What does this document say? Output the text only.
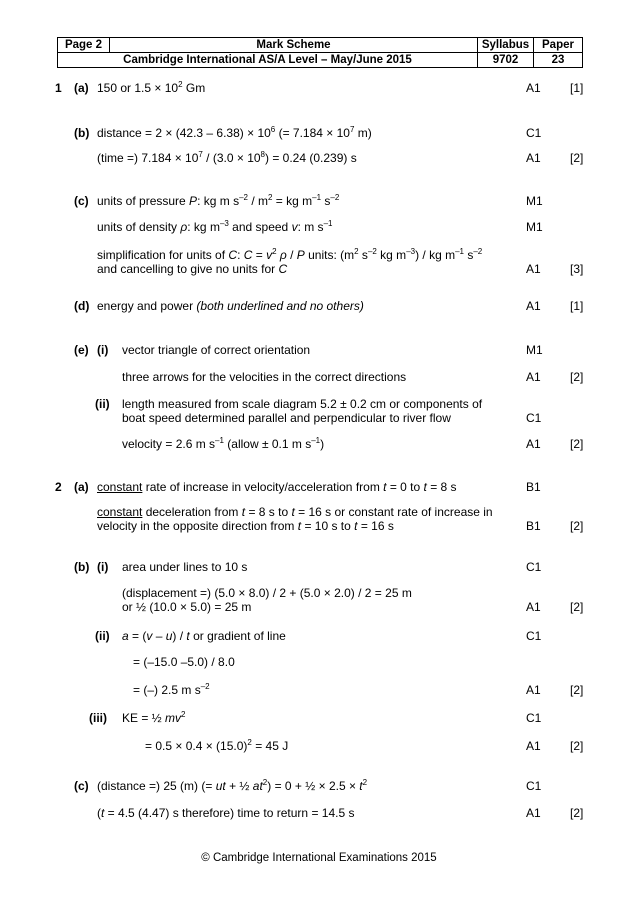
Page 2	Mark Scheme	Syllabus	Paper
Cambridge International AS/A Level – May/June 2015		9702	23
1 (a) 150 or $1.5 \times 10^2$ Gm	A1 [1]
(b) distance = $2 \times (42.3 - 6.38) \times 10^6$ (= $7.184 \times 10^7$ m)	C1
(time =) $7.184 \times 10^7 / (3.0 \times 10^8) = 0.24$ (0.239) s	A1 [2]
(c) units of pressure P: kg m $s^{-2} / m^2$ = kg $m^{-1}$ $s^{-2}$	M1
units of density ρ: kg $m^{-3}$ and speed v: m $s^{-1}$	M1
simplification for units of C: $C = v^2$ ρ / P units: ($m^2$ $s^{-2}$ kg $m^{-3}$) / kg $m^{-1}$ $s^{-2}$
and cancelling to give no units for C	A1 [3]
(d) energy and power (both underlined and no others)	A1 [1]
(e) (i) vector triangle of correct orientation	M1
three arrows for the velocities in the correct directions	A1 [2]
(ii) length measured from scale diagram 5.2 ± 0.2 cm or components of
boat speed determined parallel and perpendicular to river flow	C1
velocity = 2.6 m $s^{-1}$ (allow ± 0.1 m $s^{-1}$)	A1 [2]
2 (a) constant rate of increase in velocity/acceleration from t = 0 to t = 8 s	B1
constant deceleration from t = 8 s to t = 16 s or constant rate of increase in
velocity in the opposite direction from t = 10 s to t = 16 s	B1 [2]
(b) (i) area under lines to 10 s	C1
(displacement =) (5.0 × 8.0) / 2 + (5.0 × 2.0) / 2 = 25 m
or ½ (10.0 × 5.0) = 25 m	A1 [2]
(ii) a = (v – u) / t or gradient of line	C1
= (–15.0 –5.0) / 8.0
= (–) 2.5 m $s^{-2}$	A1 [2]
(iii) KE = ½ $mv^2$	C1
= $0.5 \times 0.4 \times (15.0)^2 = 45$ J	A1 [2]
(c) (distance =) 25 (m) (= ut + ½ $at^2) = 0$ + ½ × $2.5 \times t^2$	C1
(t = 4.5 (4.47) s therefore) time to return = 14.5 s	A1 [2]
© Cambridge International Examinations 2015
